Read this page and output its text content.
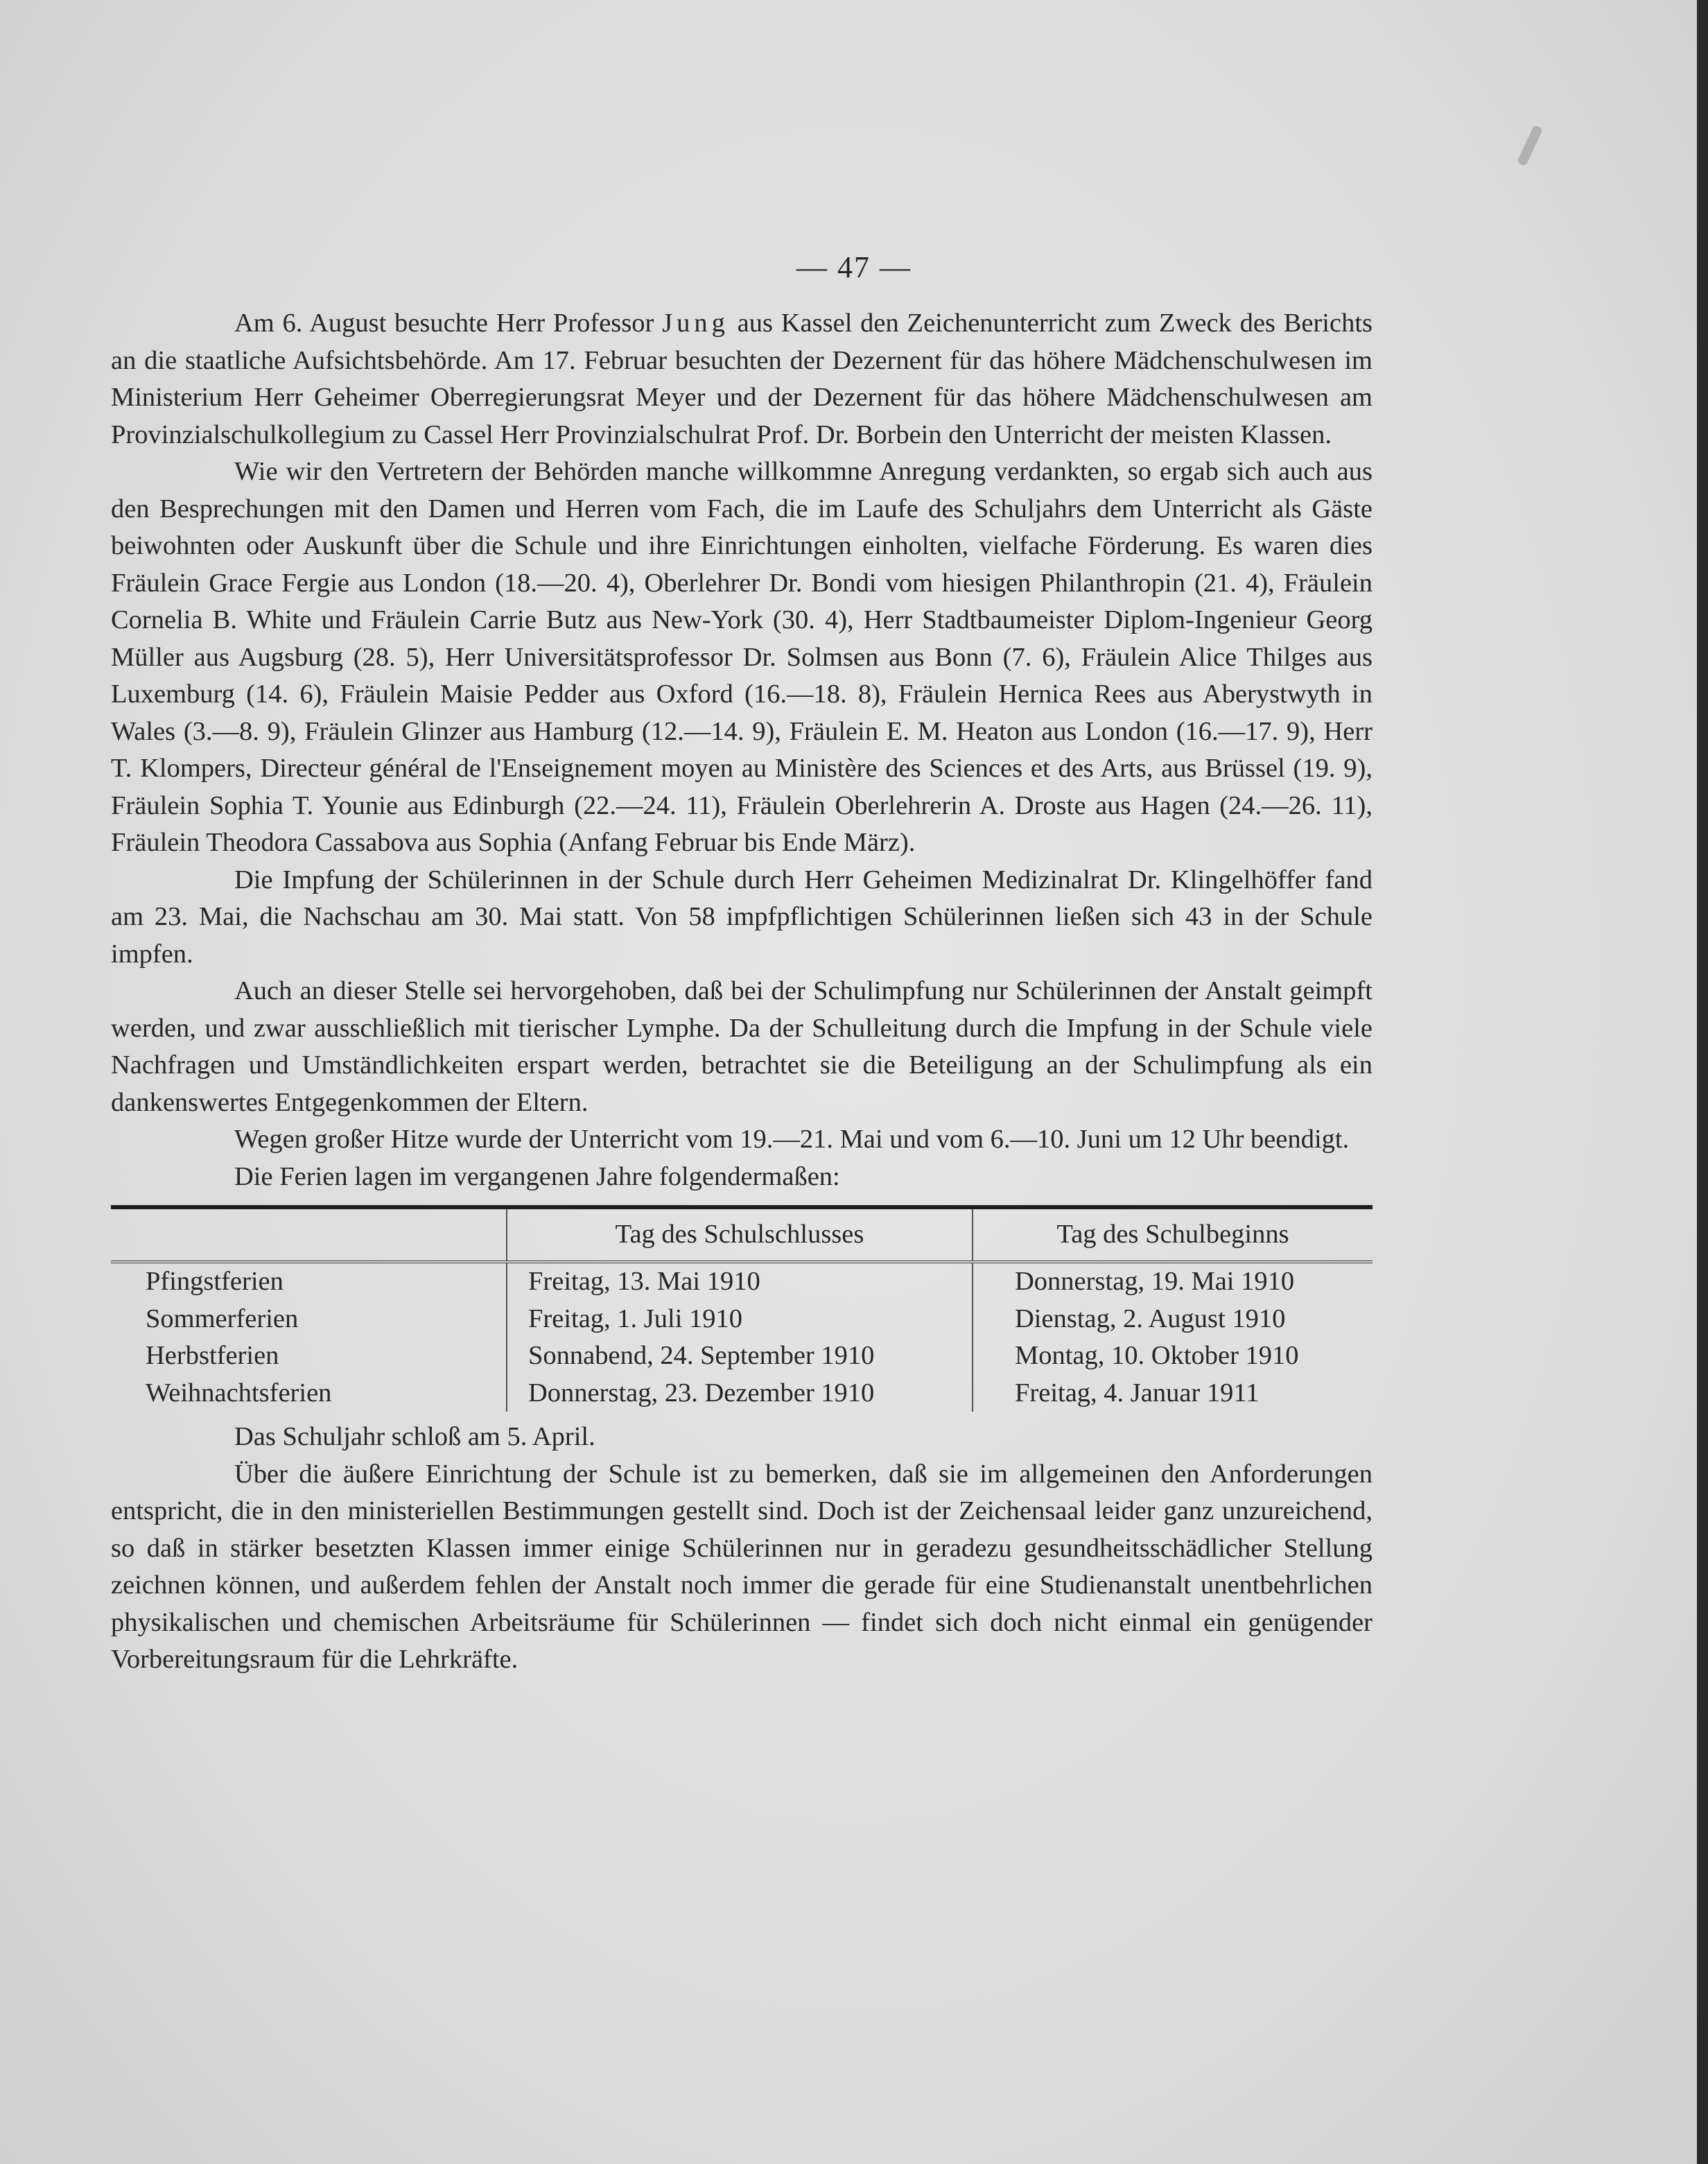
— 47 —

Am 6. August besuchte Herr Professor Jung aus Kassel den Zeichenunterricht zum Zweck des Berichts an die staatliche Aufsichtsbehörde. Am 17. Februar besuchten der Dezernent für das höhere Mädchenschulwesen im Ministerium Herr Geheimer Oberregierungsrat Meyer und der Dezernent für das höhere Mädchenschulwesen am Provinzialschulkollegium zu Cassel Herr Provinzialschulrat Prof. Dr. Borbein den Unterricht der meisten Klassen.

Wie wir den Vertretern der Behörden manche willkommne Anregung verdankten, so ergab sich auch aus den Besprechungen mit den Damen und Herren vom Fach, die im Laufe des Schuljahrs dem Unterricht als Gäste beiwohnten oder Auskunft über die Schule und ihre Einrichtungen einholten, vielfache Förderung. Es waren dies Fräulein Grace Fergie aus London (18.—20. 4), Oberlehrer Dr. Bondi vom hiesigen Philanthropin (21. 4), Fräulein Cornelia B. White und Fräulein Carrie Butz aus New-York (30. 4), Herr Stadtbaumeister Diplom-Ingenieur Georg Müller aus Augsburg (28. 5), Herr Universitätsprofessor Dr. Solmsen aus Bonn (7. 6), Fräulein Alice Thilges aus Luxemburg (14. 6), Fräulein Maisie Pedder aus Oxford (16.—18. 8), Fräulein Hernica Rees aus Aberystwyth in Wales (3.—8. 9), Fräulein Glinzer aus Hamburg (12.—14. 9), Fräulein E. M. Heaton aus London (16.—17. 9), Herr T. Klompers, Directeur général de l'Enseignement moyen au Ministère des Sciences et des Arts, aus Brüssel (19. 9), Fräulein Sophia T. Younie aus Edinburgh (22.—24. 11), Fräulein Oberlehrerin A. Droste aus Hagen (24.—26. 11), Fräulein Theodora Cassabova aus Sophia (Anfang Februar bis Ende März).

Die Impfung der Schülerinnen in der Schule durch Herr Geheimen Medizinalrat Dr. Klingelhöffer fand am 23. Mai, die Nachschau am 30. Mai statt. Von 58 impfpflichtigen Schülerinnen ließen sich 43 in der Schule impfen.

Auch an dieser Stelle sei hervorgehoben, daß bei der Schulimpfung nur Schülerinnen der Anstalt geimpft werden, und zwar ausschließlich mit tierischer Lymphe. Da der Schulleitung durch die Impfung in der Schule viele Nachfragen und Umständlichkeiten erspart werden, betrachtet sie die Beteiligung an der Schulimpfung als ein dankenswertes Entgegenkommen der Eltern.

Wegen großer Hitze wurde der Unterricht vom 19.—21. Mai und vom 6.—10. Juni um 12 Uhr beendigt.

Die Ferien lagen im vergangenen Jahre folgendermaßen:

	Tag des Schulschlusses	Tag des Schulbeginns
Pfingstferien	Freitag, 13. Mai 1910	Donnerstag, 19. Mai 1910
Sommerferien	Freitag, 1. Juli 1910	Dienstag, 2. August 1910
Herbstferien	Sonnabend, 24. September 1910	Montag, 10. Oktober 1910
Weihnachtsferien	Donnerstag, 23. Dezember 1910	Freitag, 4. Januar 1911

Das Schuljahr schloß am 5. April.

Über die äußere Einrichtung der Schule ist zu bemerken, daß sie im allgemeinen den Anforderungen entspricht, die in den ministeriellen Bestimmungen gestellt sind. Doch ist der Zeichensaal leider ganz unzureichend, so daß in stärker besetzten Klassen immer einige Schülerinnen nur in geradezu gesundheitsschädlicher Stellung zeichnen können, und außerdem fehlen der Anstalt noch immer die gerade für eine Studienanstalt unentbehrlichen physikalischen und chemischen Arbeitsräume für Schülerinnen — findet sich doch nicht einmal ein genügender Vorbereitungsraum für die Lehrkräfte.
